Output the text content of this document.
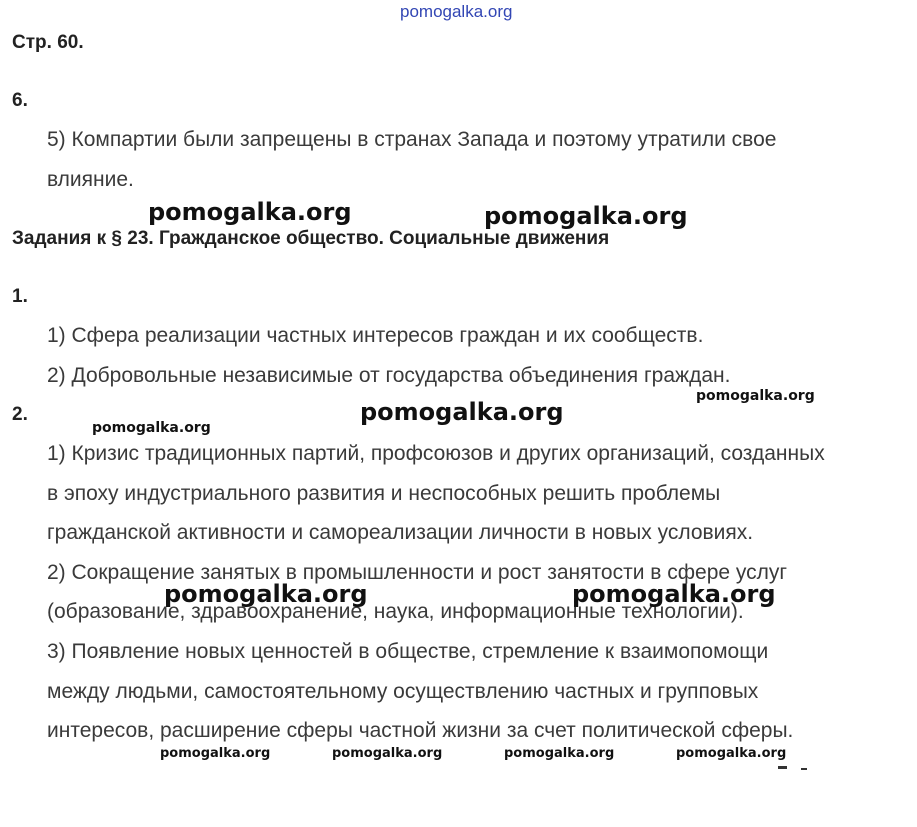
pomogalka.org
Стр. 60.
6.
5) Компартии были запрещены в странах Запада и поэтому утратили свое
влияние.
Задания к § 23. Гражданское общество. Социальные движения
1.
1) Сфера реализации частных интересов граждан и их сообществ.
2) Добровольные независимые от государства объединения граждан.
2.
1) Кризис традиционных партий, профсоюзов и других организаций, созданных
в эпоху индустриального развития и неспособных решить проблемы
гражданской активности и самореализации личности в новых условиях.
2) Сокращение занятых в промышленности и рост занятости в сфере услуг
(образование, здравоохранение, наука, информационные технологии).
3) Появление новых ценностей в обществе, стремление к взаимопомощи
между людьми, самостоятельному осуществлению частных и групповых
интересов, расширение сферы частной жизни за счет политической сферы.
pomogalka.org	pomogalka.org
pomogalka.org
pomogalka.org
pomogalka.org
pomogalka.org	pomogalka.org
pomogalka.org	pomogalka.org	pomogalka.org	pomogalka.org
